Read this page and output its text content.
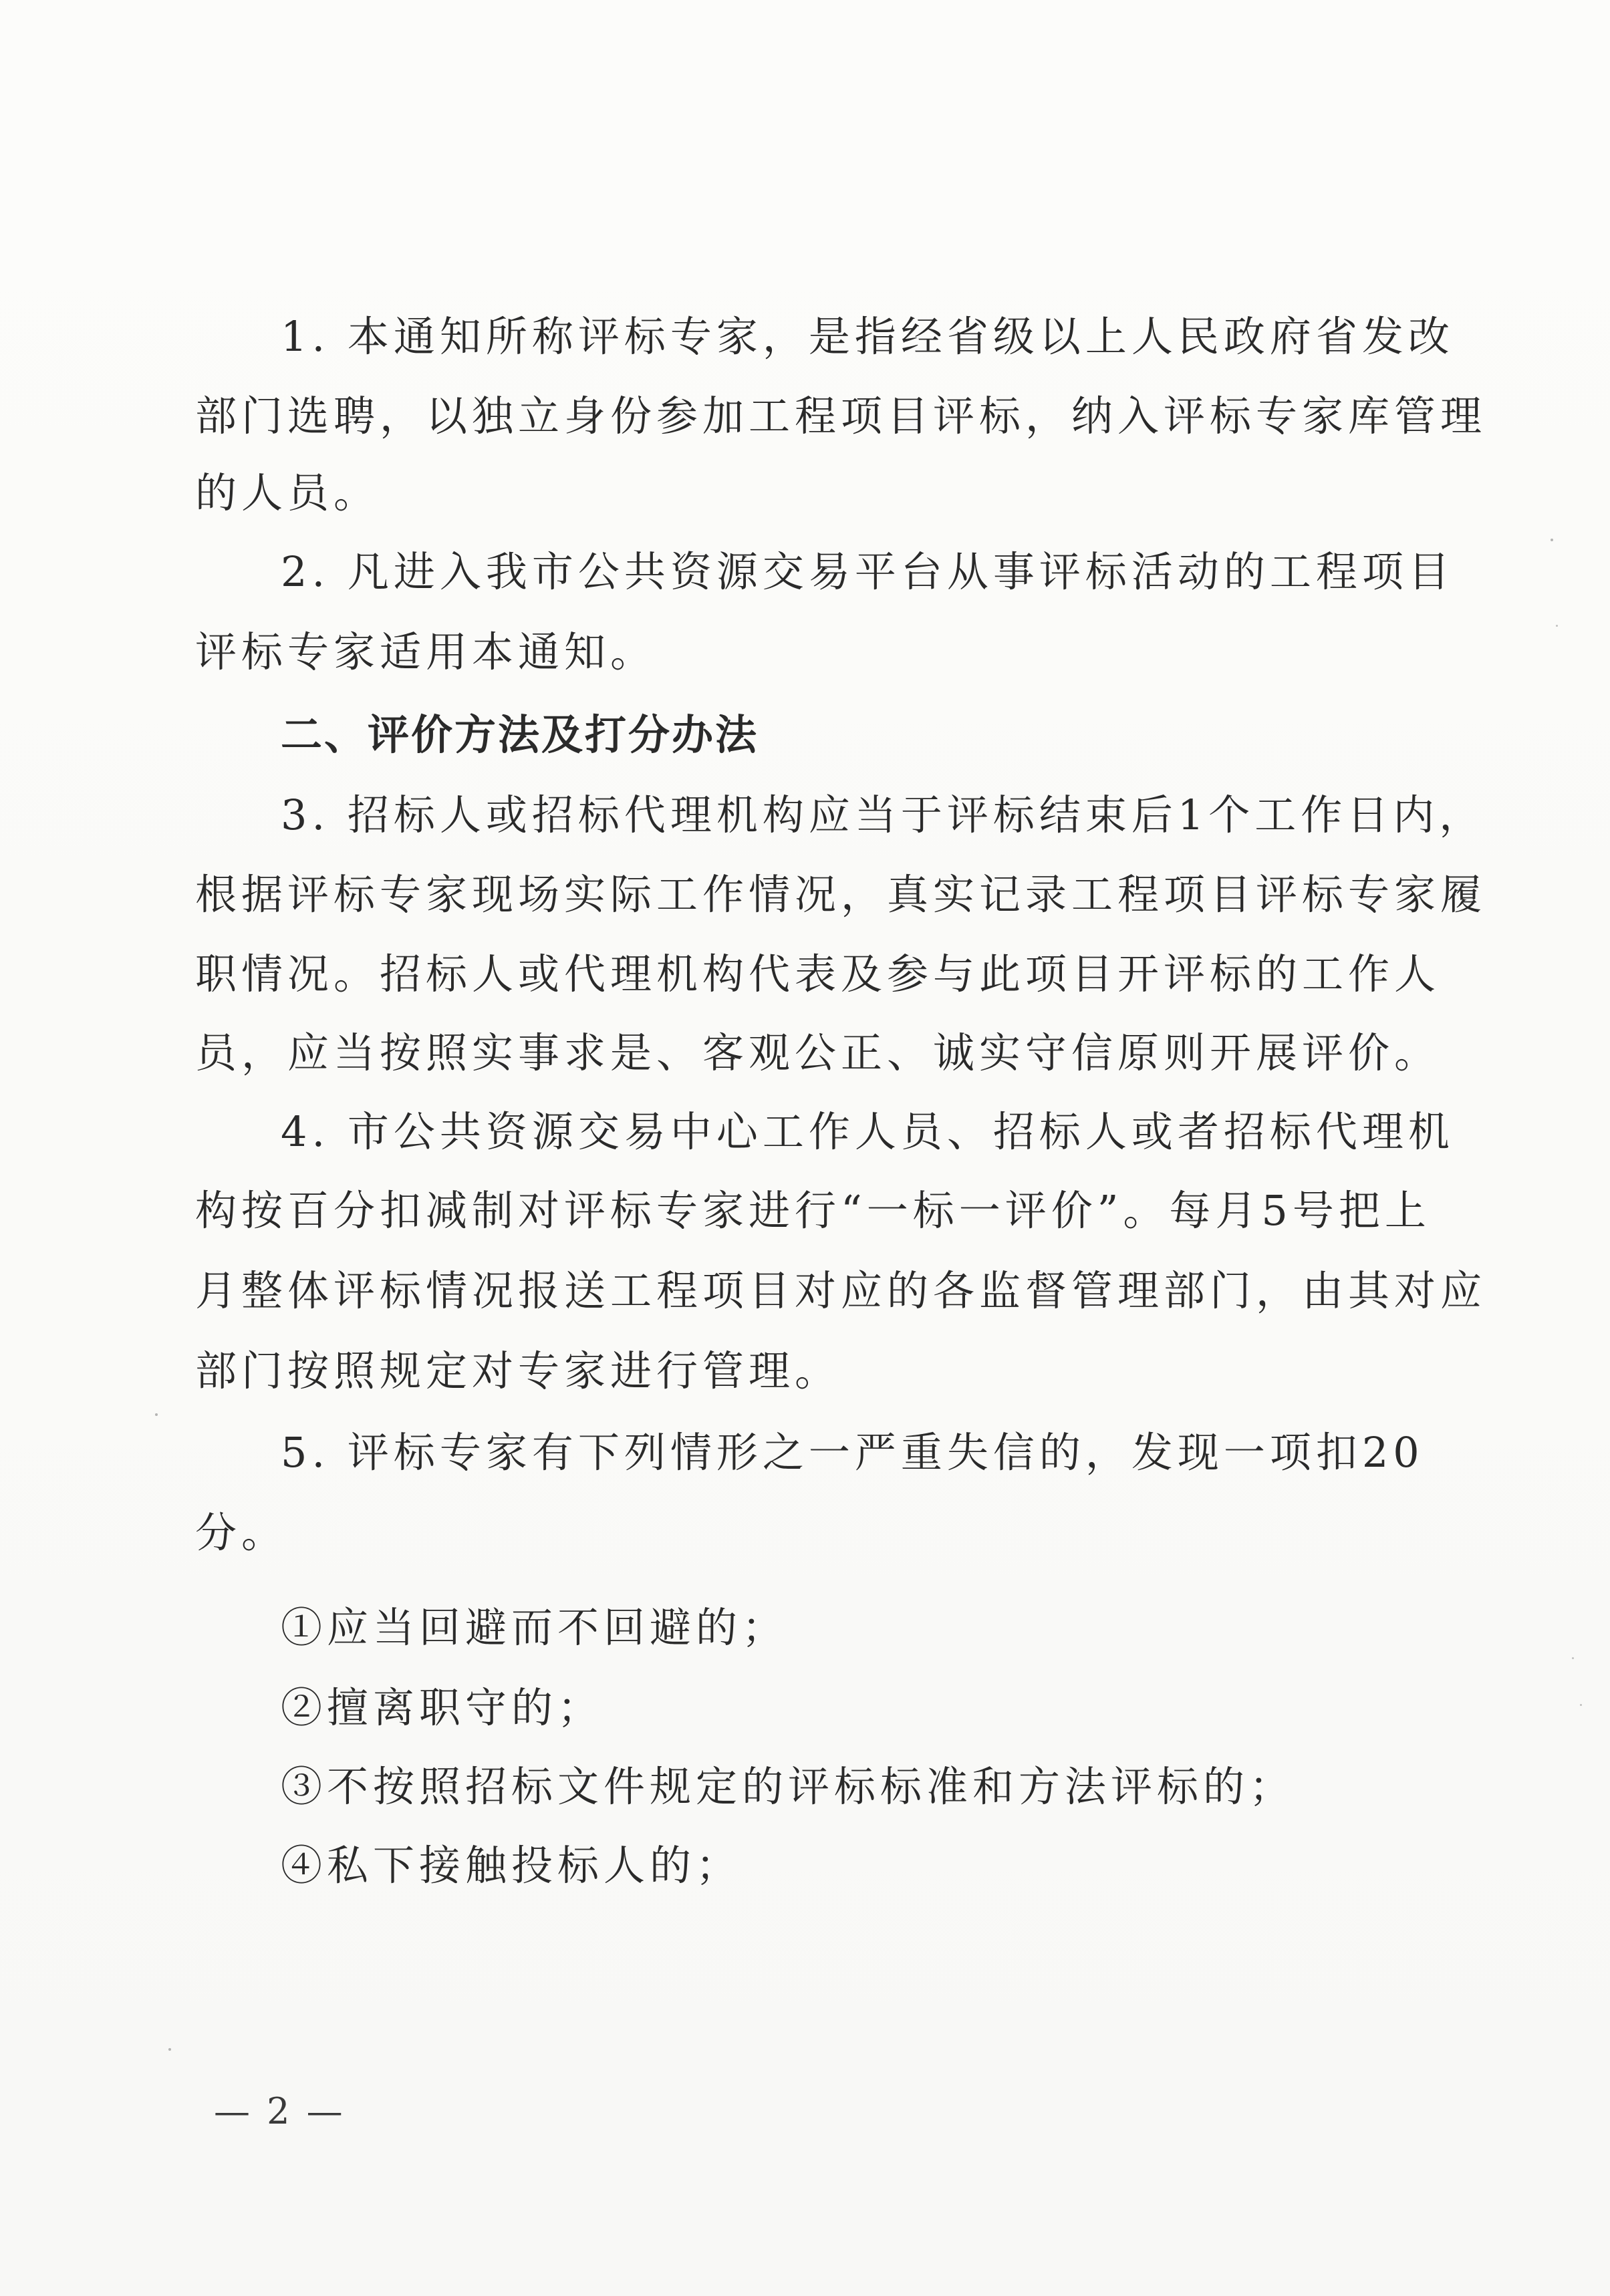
1. 本通知所称评标专家，是指经省级以上人民政府省发改
部门选聘，以独立身份参加工程项目评标，纳入评标专家库管理
的人员。
2. 凡进入我市公共资源交易平台从事评标活动的工程项目
评标专家适用本通知。
二、评价方法及打分办法
3. 招标人或招标代理机构应当于评标结束后1个工作日内，
根据评标专家现场实际工作情况，真实记录工程项目评标专家履
职情况。招标人或代理机构代表及参与此项目开评标的工作人
员，应当按照实事求是、客观公正、诚实守信原则开展评价。
4. 市公共资源交易中心工作人员、招标人或者招标代理机
构按百分扣减制对评标专家进行“一标一评价”。每月5号把上
月整体评标情况报送工程项目对应的各监督管理部门，由其对应
部门按照规定对专家进行管理。
5. 评标专家有下列情形之一严重失信的，发现一项扣20
分。
①应当回避而不回避的；
②擅离职守的；
③不按照招标文件规定的评标标准和方法评标的；
④私下接触投标人的；
— 2 —
